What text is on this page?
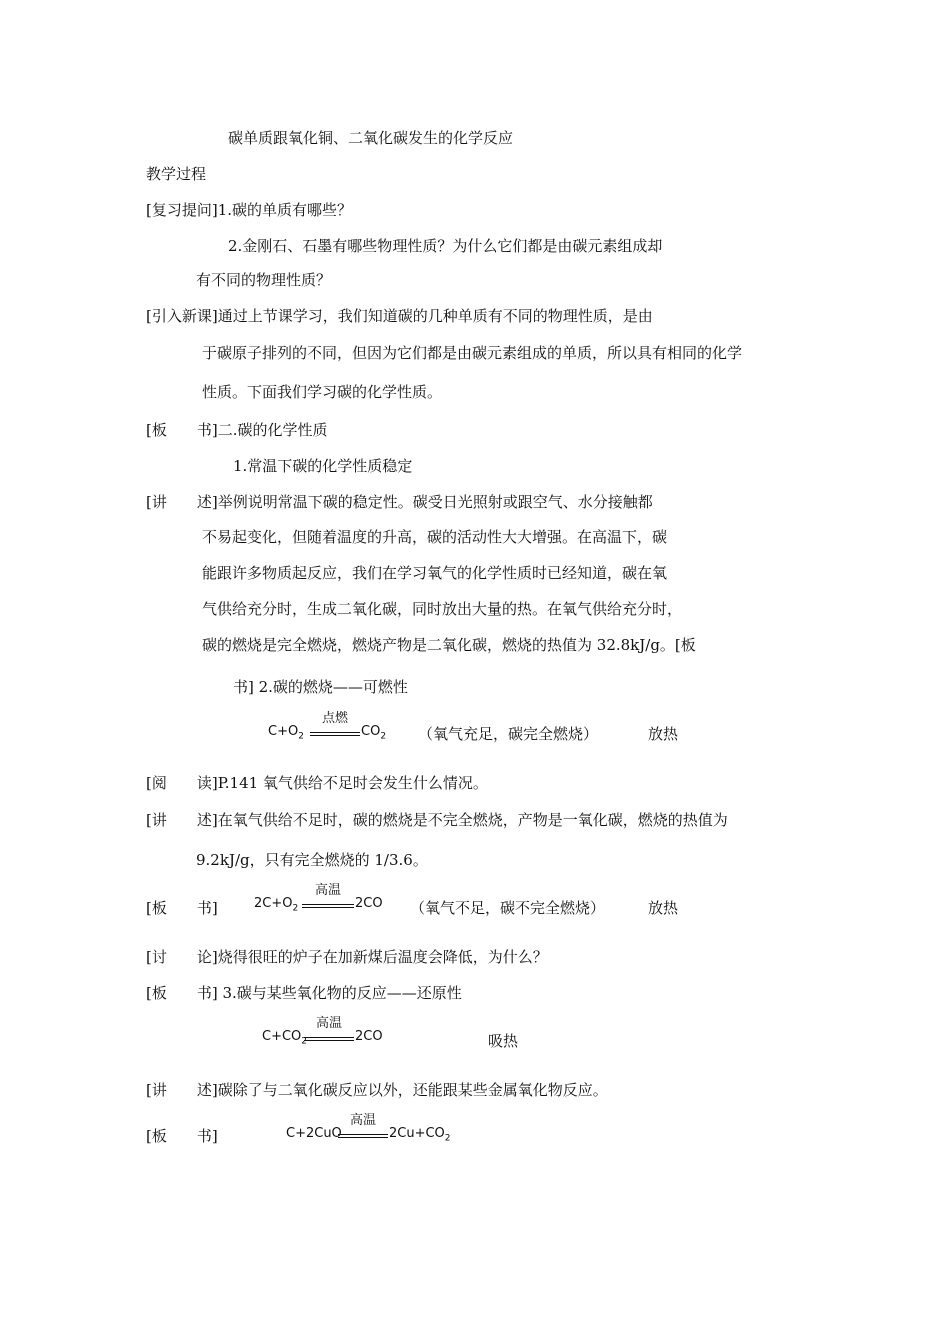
碳单质跟氧化铜、二氧化碳发生的化学反应
教学过程
[复习提问]1.碳的单质有哪些？
2.金刚石、石墨有哪些物理性质？为什么它们都是由碳元素组成却
有不同的物理性质？
[引入新课]通过上节课学习，我们知道碳的几种单质有不同的物理性质，是由
于碳原子排列的不同，但因为它们都是由碳元素组成的单质，所以具有相同的化学
性质。下面我们学习碳的化学性质。
[板　　书]二.碳的化学性质
1.常温下碳的化学性质稳定
[讲　　述]举例说明常温下碳的稳定性。碳受日光照射或跟空气、水分接触都
不易起变化，但随着温度的升高，碳的活动性大大增强。在高温下，碳
能跟许多物质起反应，我们在学习氧气的化学性质时已经知道，碳在氧
气供给充分时，生成二氧化碳，同时放出大量的热。在氧气供给充分时，
碳的燃烧是完全燃烧，燃烧产物是二氧化碳，燃烧的热值为 32.8kJ/g。[板
书] 2.碳的燃烧——可燃性
$C+O_2$
点燃
$CO_2$ （氧气充足，碳完全燃烧）	放热
[阅　　读]P.141 氧气供给不足时会发生什么情况。
[讲　　述]在氧气供给不足时，碳的燃烧是不完全燃烧，产物是一氧化碳，燃烧的热值为
9.2kJ/g，只有完全燃烧的 1/3.6。
[板　　书]	$2C+O_2$
高温
2CO （氧气不足，碳不完全燃烧）	放热
[讨　　论]烧得很旺的炉子在加新煤后温度会降低，为什么？
[板　　书] 3.碳与某些氧化物的反应——还原性
$C+CO_2$
高温
2CO	吸热
[讲　　述]碳除了与二氧化碳反应以外，还能跟某些金属氧化物反应。
[板　　书]	C+2CuO
高温
$2Cu+CO_2$
